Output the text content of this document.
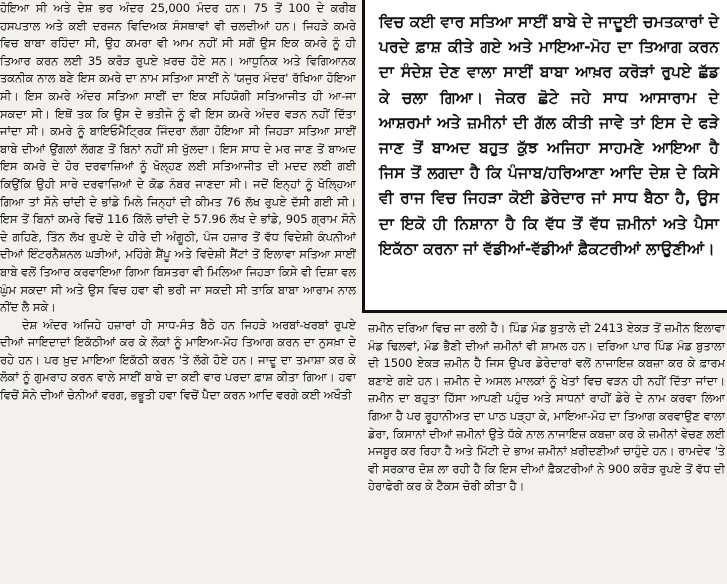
ਹੋਇਆ ਸੀ ਅਤੇ ਦੇਸ਼ ਭਰ ਅੰਦਰ 25,000 ਮੰਦਰ ਹਨ। 75 ਤੋਂ 100 ਦੇ ਕਰੀਬ ਹਸਪਤਾਲ ਅਤੇ ਕਈ ਦਰਜਨ ਵਿਦਿਅਕ ਸੰਸਥਾਵਾਂ ਵੀ ਚਲਦੀਆਂ ਹਨ। ਜਿਹੜੇ ਕਮਰੇ ਵਿਚ ਬਾਬਾ ਰਹਿੰਦਾ ਸੀ, ਉਹ ਕਮਰਾ ਵੀ ਆਮ ਨਹੀਂ ਸੀ ਸਗੋਂ ਉਸ ਇਕ ਕਮਰੇ ਨੂੰ ਹੀ ਤਿਆਰ ਕਰਨ ਲਈ 35 ਕਰੋੜ ਰੁਪਏ ਖ਼ਰਚ ਹੋਏ ਸਨ। ਆਧੁਨਿਕ ਅਤੇ ਵਿਗਿਆਨਕ ਤਕਨੀਕ ਨਾਲ ਬਣੇ ਇਸ ਕਮਰੇ ਦਾ ਨਾਮ ਸਤਿਆ ਸਾਈਂ ਨੇ 'ਯਜੁਰ ਮੰਦਰ' ਰੱਖਿਆ ਹੋਇਆ ਸੀ। ਇਸ ਕਮਰੇ ਅੰਦਰ ਸਤਿਆ ਸਾਈਂ ਦਾ ਇਕ ਸਹਿਯੋਗੀ ਸਤਿਆਜੀਤ ਹੀ ਆ-ਜਾ ਸਕਦਾ ਸੀ। ਇਥੋਂ ਤਕ ਕਿ ਉਸ ਦੇ ਭਤੀਜੇ ਨੂੰ ਵੀ ਇਸ ਕਮਰੇ ਅੰਦਰ ਵੜਨ ਨਹੀਂ ਦਿੱਤਾ ਜਾਂਦਾ ਸੀ। ਕਮਰੇ ਨੂੰ ਬਾਇਓਮੈਟ੍ਰਿਕ ਜਿੰਦਰਾ ਲੱਗਾ ਹੋਇਆ ਸੀ ਜਿਹੜਾ ਸਤਿਆ ਸਾਈਂ ਬਾਬੇ ਦੀਆਂ ਉਂਗਲਾਂ ਲੱਗਣ ਤੋਂ ਬਿਨਾਂ ਨਹੀਂ ਸੀ ਖੁੱਲਦਾ। ਇਸ ਸਾਧ ਦੇ ਮਰ ਜਾਣ ਤੋਂ ਬਾਅਦ ਇਸ ਕਮਰੇ ਦੇ ਹੋਰ ਦਰਵਾਜ਼ਿਆਂ ਨੂੰ ਖੋਲ੍ਹਣ ਲਈ ਸਤਿਆਜੀਤ ਦੀ ਮਦਦ ਲਈ ਗਈ ਕਿਉਂਕਿ ਉਹੀ ਸਾਰੇ ਦਰਵਾਜ਼ਿਆਂ ਦੇ ਕੋਡ ਨੰਬਰ ਜਾਣਦਾ ਸੀ। ਜਦੋਂ ਇਨ੍ਹਾਂ ਨੂੰ ਖੋਲ੍ਹਿਆ ਗਿਆ ਤਾਂ ਸੋਨੇ ਚਾਂਦੀ ਦੇ ਭਾਂਡੇ ਮਿਲੇ ਜਿਨ੍ਹਾਂ ਦੀ ਕੀਮਤ 76 ਲੱਖ ਰੁਪਏ ਦੱਸੀ ਗਈ ਸੀ। ਇਸ ਤੋਂ ਬਿਨਾਂ ਕਮਰੇ ਵਿਚੋਂ 116 ਕਿੱਲੋ ਚਾਂਦੀ ਦੇ 57.96 ਲੱਖ ਦੇ ਭਾਂਡੇ, 905 ਗ੍ਰਾਮ ਸੋਨੇ ਦੇ ਗਹਿਣੇ, ਤਿੰਨ ਲੱਖ ਰੁਪਏ ਦੇ ਹੀਰੇ ਦੀ ਅੰਗੂਠੀ, ਪੰਜ ਹਜ਼ਾਰ ਤੋਂ ਵੱਧ ਵਿਦੇਸ਼ੀ ਕੰਪਨੀਆਂ ਦੀਆਂ ਇੰਟਰਨੈਸ਼ਨਲ ਘੜੀਆਂ, ਮਹਿੰਗੇ ਸ਼ੈਂਪੂ ਅਤੇ ਵਿਦੇਸ਼ੀ ਸੈਂਟਾਂ ਤੋਂ ਇਲਾਵਾ ਸਤਿਆ ਸਾਈਂ ਬਾਬੇ ਵਲੋਂ ਤਿਆਰ ਕਰਵਾਇਆ ਗਿਆ ਬਿਸਤਰਾ ਵੀ ਮਿਲਿਆ ਜਿਹੜਾ ਕਿਸੇ ਵੀ ਦਿਸ਼ਾ ਵਲ ਘੁੰਮ ਸਕਦਾ ਸੀ ਅਤੇ ਉਸ ਵਿਚ ਹਵਾ ਵੀ ਭਰੀ ਜਾ ਸਕਦੀ ਸੀ ਤਾਕਿ ਬਾਬਾ ਆਰਾਮ ਨਾਲ ਨੀਂਦ ਲੈ ਸਕੇ।

ਦੇਸ਼ ਅੰਦਰ ਅਜਿਹੇ ਹਜ਼ਾਰਾਂ ਹੀ ਸਾਧ-ਸੰਤ ਬੈਠੇ ਹਨ ਜਿਹੜੇ ਅਰਬਾਂ-ਖਰਬਾਂ ਰੁਪਏ ਦੀਆਂ ਜਾਇਦਾਦਾਂ ਇਕੱਠੀਆਂ ਕਰ ਕੇ ਲੋਕਾਂ ਨੂੰ ਮਾਇਆ-ਮੋਹ ਤਿਆਗ ਕਰਨ ਦਾ ਨੁਸਖ਼ਾ ਦੇ ਰਹੇ ਹਨ। ਪਰ ਖ਼ੁਦ ਮਾਇਆ ਇਕੱਠੀ ਕਰਨ 'ਤੇ ਲੱਗੇ ਹੋਏ ਹਨ। ਜਾਦੂ ਦਾ ਤਮਾਸ਼ਾ ਕਰ ਕੇ ਲੋਕਾਂ ਨੂੰ ਗੁਮਰਾਹ ਕਰਨ ਵਾਲੇ ਸਾਈਂ ਬਾਬੇ ਦਾ ਕਈ ਵਾਰ ਪਰਦਾ ਫ਼ਾਸ਼ ਕੀਤਾ ਗਿਆ। ਹਵਾ ਵਿਚੋਂ ਸੋਨੇ ਦੀਆਂ ਚੇਨੀਆਂ ਵਰਗ, ਭਭੂਤੀ ਹਵਾ ਵਿਚੋਂ ਪੈਦਾ ਕਰਨ ਆਦਿ ਵਰਗੇ ਕਈ ਅਖੌਤੀ

ਵਿਚ ਕਈ ਵਾਰ ਸਤਿਆ ਸਾਈਂ ਬਾਬੇ ਦੇ ਜਾਦੂਈ ਚਮਤਕਾਰਾਂ ਦੇ ਪਰਦੇ ਫ਼ਾਸ਼ ਕੀਤੇ ਗਏ ਅਤੇ ਮਾਇਆ-ਮੋਹ ਦਾ ਤਿਆਗ ਕਰਨ ਦਾ ਸੰਦੇਸ਼ ਦੇਣ ਵਾਲਾ ਸਾਈਂ ਬਾਬਾ ਆਖ਼ਰ ਕਰੋੜਾਂ ਰੁਪਏ ਛੱਡ ਕੇ ਚਲਾ ਗਿਆ। ਜੇਕਰ ਛੋਟੇ ਜਹੇ ਸਾਧ ਆਸਾਰਾਮ ਦੇ ਆਸ਼ਰਮਾਂ ਅਤੇ ਜ਼ਮੀਨਾਂ ਦੀ ਗੱਲ ਕੀਤੀ ਜਾਵੇ ਤਾਂ ਇਸ ਦੇ ਫੜੇ ਜਾਣ ਤੋਂ ਬਾਅਦ ਬਹੁਤ ਕੁੱਝ ਅਜਿਹਾ ਸਾਹਮਣੇ ਆਇਆ ਹੈ ਜਿਸ ਤੋਂ ਲਗਦਾ ਹੈ ਕਿ ਪੰਜਾਬ/ਹਰਿਆਣਾ ਆਦਿ ਦੇਸ਼ ਦੇ ਕਿਸੇ ਵੀ ਰਾਜ ਵਿਚ ਜਿਹੜਾ ਕੋਈ ਡੇਰੇਦਾਰ ਜਾਂ ਸਾਧ ਬੈਠਾ ਹੈ, ਉਸ ਦਾ ਇਕੋ ਹੀ ਨਿਸ਼ਾਨਾ ਹੈ ਕਿ ਵੱਧ ਤੋਂ ਵੱਧ ਜ਼ਮੀਨਾਂ ਅਤੇ ਪੈਸਾ ਇਕੱਠਾ ਕਰਨਾ ਜਾਂ ਵੱਡੀਆਂ-ਵੱਡੀਆਂ ਫ਼ੈਕਟਰੀਆਂ ਲਾਉਣੀਆਂ।

ਜ਼ਮੀਨ ਦਰਿਆ ਵਿਚ ਜਾ ਰਲੀ ਹੈ। ਪਿੰਡ ਮੰਡ ਬੁਤਾਲੇ ਦੀ 2413 ਏਕੜ ਤੋਂ ਜ਼ਮੀਨ ਇਲਾਵਾ ਮੰਡ ਢਿਲਵਾਂ, ਮੰਡ ਭੈਣੀ ਦੀਆਂ ਜ਼ਮੀਨਾਂ ਵੀ ਸ਼ਾਮਲ ਹਨ। ਦਰਿਆ ਪਾਰ ਪਿੰਡ ਮੰਡ ਬੁਤਾਲਾ ਦੀ 1500 ਏਕੜ ਜ਼ਮੀਨ ਹੈ ਜਿਸ ਉਪਰ ਡੇਰੇਦਾਰਾਂ ਵਲੋਂ ਨਾਜਾਇਜ਼ ਕਬਜ਼ਾ ਕਰ ਕੇ ਫ਼ਾਰਮ ਬਣਾਏ ਗਏ ਹਨ। ਜ਼ਮੀਨ ਦੇ ਅਸਲ ਮਾਲਕਾਂ ਨੂੰ ਖੇਤਾਂ ਵਿਚ ਵੜਨ ਹੀ ਨਹੀਂ ਦਿੱਤਾ ਜਾਂਦਾ। ਜ਼ਮੀਨ ਦਾ ਬਹੁਤਾ ਹਿੱਸਾ ਆਪਣੀ ਪਹੁੰਚ ਅਤੇ ਸਾਧਨਾਂ ਰਾਹੀਂ ਡੇਰੇ ਦੇ ਨਾਮ ਕਰਵਾ ਲਿਆ ਗਿਆ ਹੈ ਪਰ ਰੂਹਾਨੀਅਤ ਦਾ ਪਾਠ ਪੜ੍ਹਾ ਕੇ, ਮਾਇਆ-ਮੋਹ ਦਾ ਤਿਆਗ ਕਰਵਾਉਣ ਵਾਲਾ ਡੇਰਾ, ਕਿਸਾਨਾਂ ਦੀਆਂ ਜ਼ਮੀਨਾਂ ਉਤੇ ਧੱਕੇ ਨਾਲ ਨਾਜਾਇਜ਼ ਕਬਜ਼ਾ ਕਰ ਕੇ ਜ਼ਮੀਨਾਂ ਵੇਚਣ ਲਈ ਮਜਬੂਰ ਕਰ ਰਿਹਾ ਹੈ ਅਤੇ ਮਿੱਟੀ ਦੇ ਭਾਅ ਜ਼ਮੀਨਾਂ ਖ਼ਰੀਦਣੀਆਂ ਚਾਹੁੰਦੇ ਹਨ। ਰਾਮਦੇਵ 'ਤੇ ਵੀ ਸਰਕਾਰ ਦੋਸ਼ ਲਾ ਰਹੀ ਹੈ ਕਿ ਇਸ ਦੀਆਂ ਫ਼ੈਕਟਰੀਆਂ ਨੇ 900 ਕਰੋੜ ਰੁਪਏ ਤੋਂ ਵੱਧ ਦੀ ਹੇਰਾਫੇਰੀ ਕਰ ਕੇ ਟੈਕਸ ਚੋਰੀ ਕੀਤਾ ਹੈ।
